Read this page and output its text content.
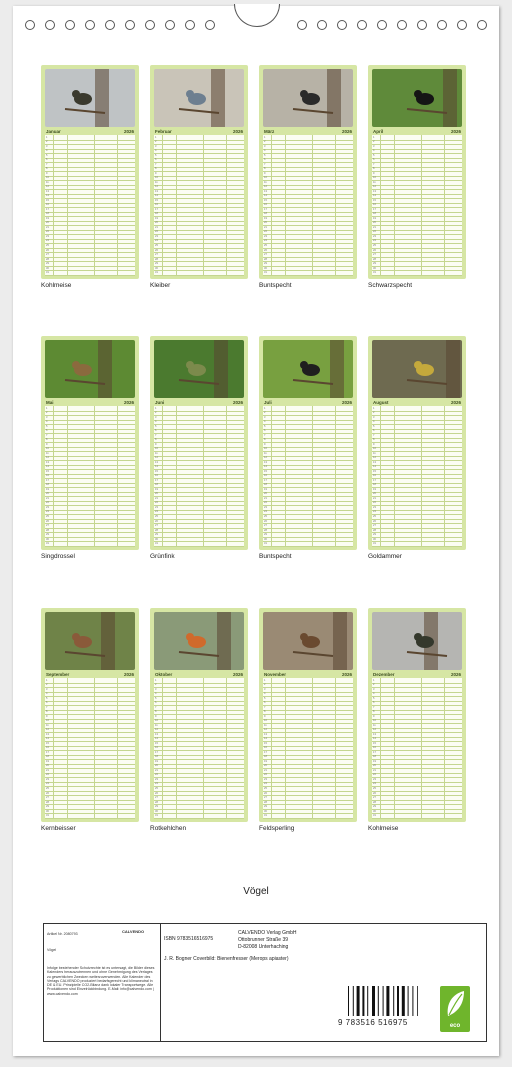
Januar	2026
1
2
3
4
5
6
7
8
9
10
11
12
13
14
15
16
17
18
19
20
21
22
23
24
25
26
27
28
29
30
31
Kohlmeise
Februar	2026
1
2
3
4
5
6
7
8
9
10
11
12
13
14
15
16
17
18
19
20
21
22
23
24
25
26
27
28
29
30
31
Kleiber
März	2026
1
2
3
4
5
6
7
8
9
10
11
12
13
14
15
16
17
18
19
20
21
22
23
24
25
26
27
28
29
30
31
Buntspecht
April	2026
1
2
3
4
5
6
7
8
9
10
11
12
13
14
15
16
17
18
19
20
21
22
23
24
25
26
27
28
29
30
31
Schwarzspecht
Mai	2026
1
2
3
4
5
6
7
8
9
10
11
12
13
14
15
16
17
18
19
20
21
22
23
24
25
26
27
28
29
30
31
Singdrossel
Juni	2026
1
2
3
4
5
6
7
8
9
10
11
12
13
14
15
16
17
18
19
20
21
22
23
24
25
26
27
28
29
30
31
Grünfink
Juli	2026
1
2
3
4
5
6
7
8
9
10
11
12
13
14
15
16
17
18
19
20
21
22
23
24
25
26
27
28
29
30
31
Buntspecht
August	2026
1
2
3
4
5
6
7
8
9
10
11
12
13
14
15
16
17
18
19
20
21
22
23
24
25
26
27
28
29
30
31
Goldammer
September	2026
1
2
3
4
5
6
7
8
9
10
11
12
13
14
15
16
17
18
19
20
21
22
23
24
25
26
27
28
29
30
31
Kernbeisser
Oktober	2026
1
2
3
4
5
6
7
8
9
10
11
12
13
14
15
16
17
18
19
20
21
22
23
24
25
26
27
28
29
30
31
Rotkehlchen
November	2026
1
2
3
4
5
6
7
8
9
10
11
12
13
14
15
16
17
18
19
20
21
22
23
24
25
26
27
28
29
30
31
Feldsperling
Dezember	2026
1
2
3
4
5
6
7
8
9
10
11
12
13
14
15
16
17
18
19
20
21
22
23
24
25
26
27
28
29
30
31
Kohlmeise
Vögel
Artikel Nr. 2080793	CALVENDO
Vögel
Infolge bestehender Schutzrechte ist es untersagt, die Bilder dieses Kalenders herauszutrennen und ohne Genehmigung des Verlages zu gewerblichen Zwecken weiterzuverwenden. Alle Kalender des Verlags CALVENDO produziert bedarfsgerecht und klimaneutral in DE & EU. Prinzipielle CO2-Bilanz dank lokaler Transportwege. Alle Produktionen sind Einzelrückbindung. E-Mail: info@calvendo.com | www.calvendo.com
ISBN 9783516516975
J. R. Bogner Coverbild: Bienenfresser (Merops apiaster)
CALVENDO Verlag GmbH
Ottobrunner Straße 39
D-82008 Unterhaching
9 783516 516975	eco
